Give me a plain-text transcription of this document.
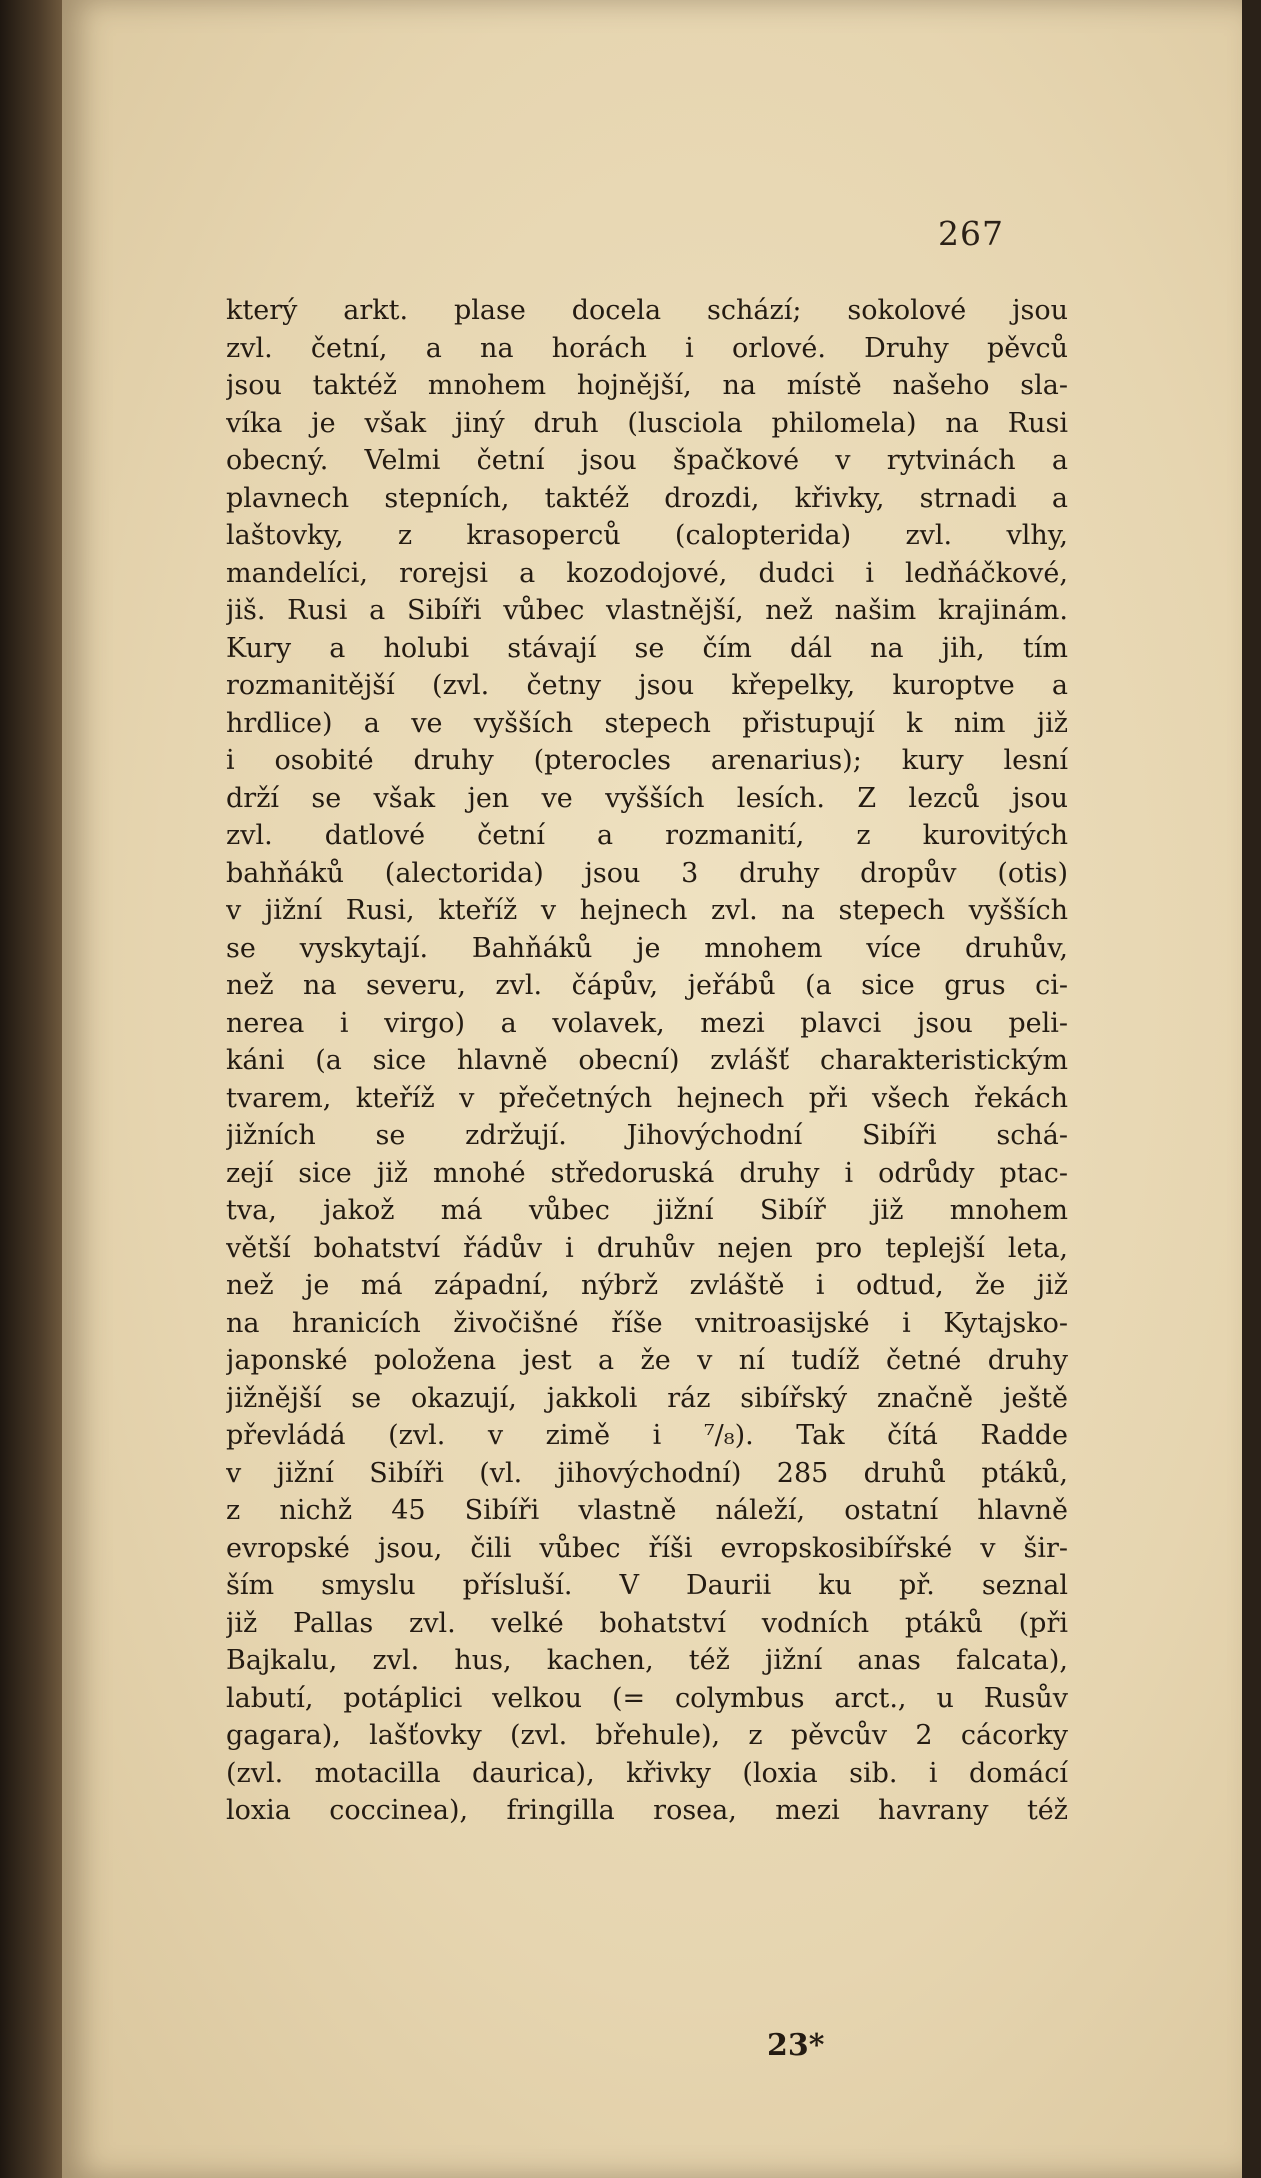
267
který arkt. plase docela schází; sokolové jsou
zvl. četní, a na horách i orlové. Druhy pěvců
jsou taktéž mnohem hojnější, na místě našeho sla-
víka je však jiný druh (lusciola philomela) na Rusi
obecný. Velmi četní jsou špačkové v rytvinách a
plavnech stepních, taktéž drozdi, křivky, strnadi a
laštovky, z krasoperců (calopterida) zvl. vlhy,
mandelíci, rorejsi a kozodojové, dudci i ledňáčkové,
jiš. Rusi a Sibíři vůbec vlastnější, než našim krajinám.
Kury a holubi stávají se čím dál na jih, tím
rozmanitější (zvl. četny jsou křepelky, kuroptve a
hrdlice) a ve vyšších stepech přistupují k nim již
i osobité druhy (pterocles arenarius); kury lesní
drží se však jen ve vyšších lesích. Z lezců jsou
zvl. datlové četní a rozmanití, z kurovitých
bahňáků (alectorida) jsou 3 druhy dropův (otis)
v jižní Rusi, kteříž v hejnech zvl. na stepech vyšších
se vyskytají. Bahňáků je mnohem více druhův,
než na severu, zvl. čápův, jeřábů (a sice grus ci-
nerea i virgo) a volavek, mezi plavci jsou peli-
káni (a sice hlavně obecní) zvlášť charakteristickým
tvarem, kteříž v přečetných hejnech při všech řekách
jižních se zdržují. Jihovýchodní Sibíři schá-
zejí sice již mnohé středoruská druhy i odrůdy ptac-
tva, jakož má vůbec jižní Sibíř již mnohem
větší bohatství řádův i druhův nejen pro teplejší leta,
než je má západní, nýbrž zvláště i odtud, že již
na hranicích živočišné říše vnitroasijské i Kytajsko-
japonské položena jest a že v ní tudíž četné druhy
jižnější se okazují, jakkoli ráz sibířský značně ještě
převládá (zvl. v zimě i ⁷/₈). Tak čítá Radde
v jižní Sibíři (vl. jihovýchodní) 285 druhů ptáků,
z nichž 45 Sibíři vlastně náleží, ostatní hlavně
evropské jsou, čili vůbec říši evropskosibířské v šir-
ším smyslu přísluší. V Daurii ku př. seznal
již Pallas zvl. velké bohatství vodních ptáků (při
Bajkalu, zvl. hus, kachen, též jižní anas falcata),
labutí, potáplici velkou (= colymbus arct., u Rusův
gagara), lašťovky (zvl. břehule), z pěvcův 2 cácorky
(zvl. motacilla daurica), křivky (loxia sib. i domácí
loxia coccinea), fringilla rosea, mezi havrany též
23*
